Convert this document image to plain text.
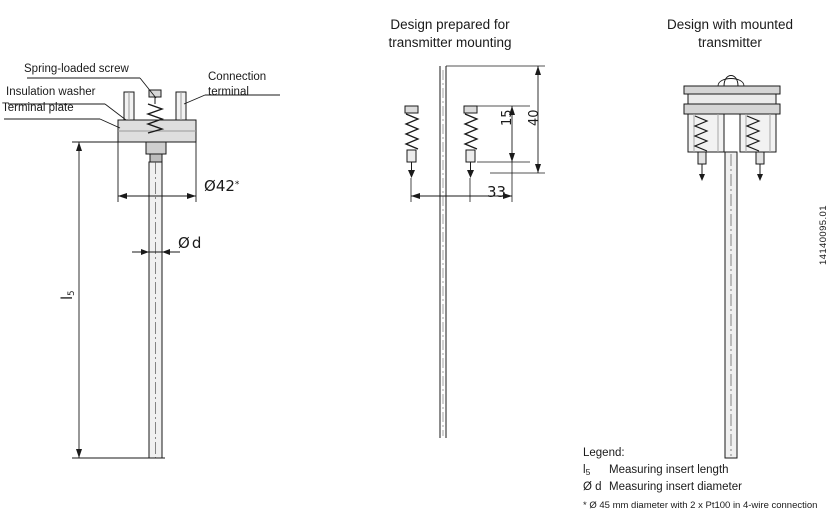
Spring-loaded screw
Connection
terminal
Insulation washer
Terminal plate
Ø42*
Ø d
$l_5$
Design prepared for
transmitter mounting
15 40
33
Design with mounted
transmitter
14140095.01
Legend:
$l_5$ Measuring insert length
Ø d Measuring insert diameter
* Ø 45 mm diameter with 2 x Pt100 in 4-wire connection
